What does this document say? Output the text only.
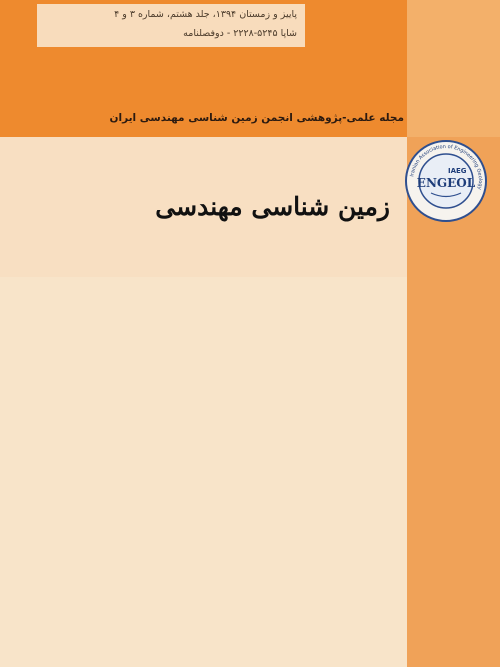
پاییز و زمستان ۱۳۹۴، جلد هشتم، شماره ۳ و ۴
شاپا ۵۲۴۵-۲۲۲۸ - دوفصلنامه
مجله علمی-پژوهشی انجمن زمین شناسی مهندسی ایران
زمین شناسی مهندسی
Iranian Association of Engineering Geology
IAEG
ENGEOL
